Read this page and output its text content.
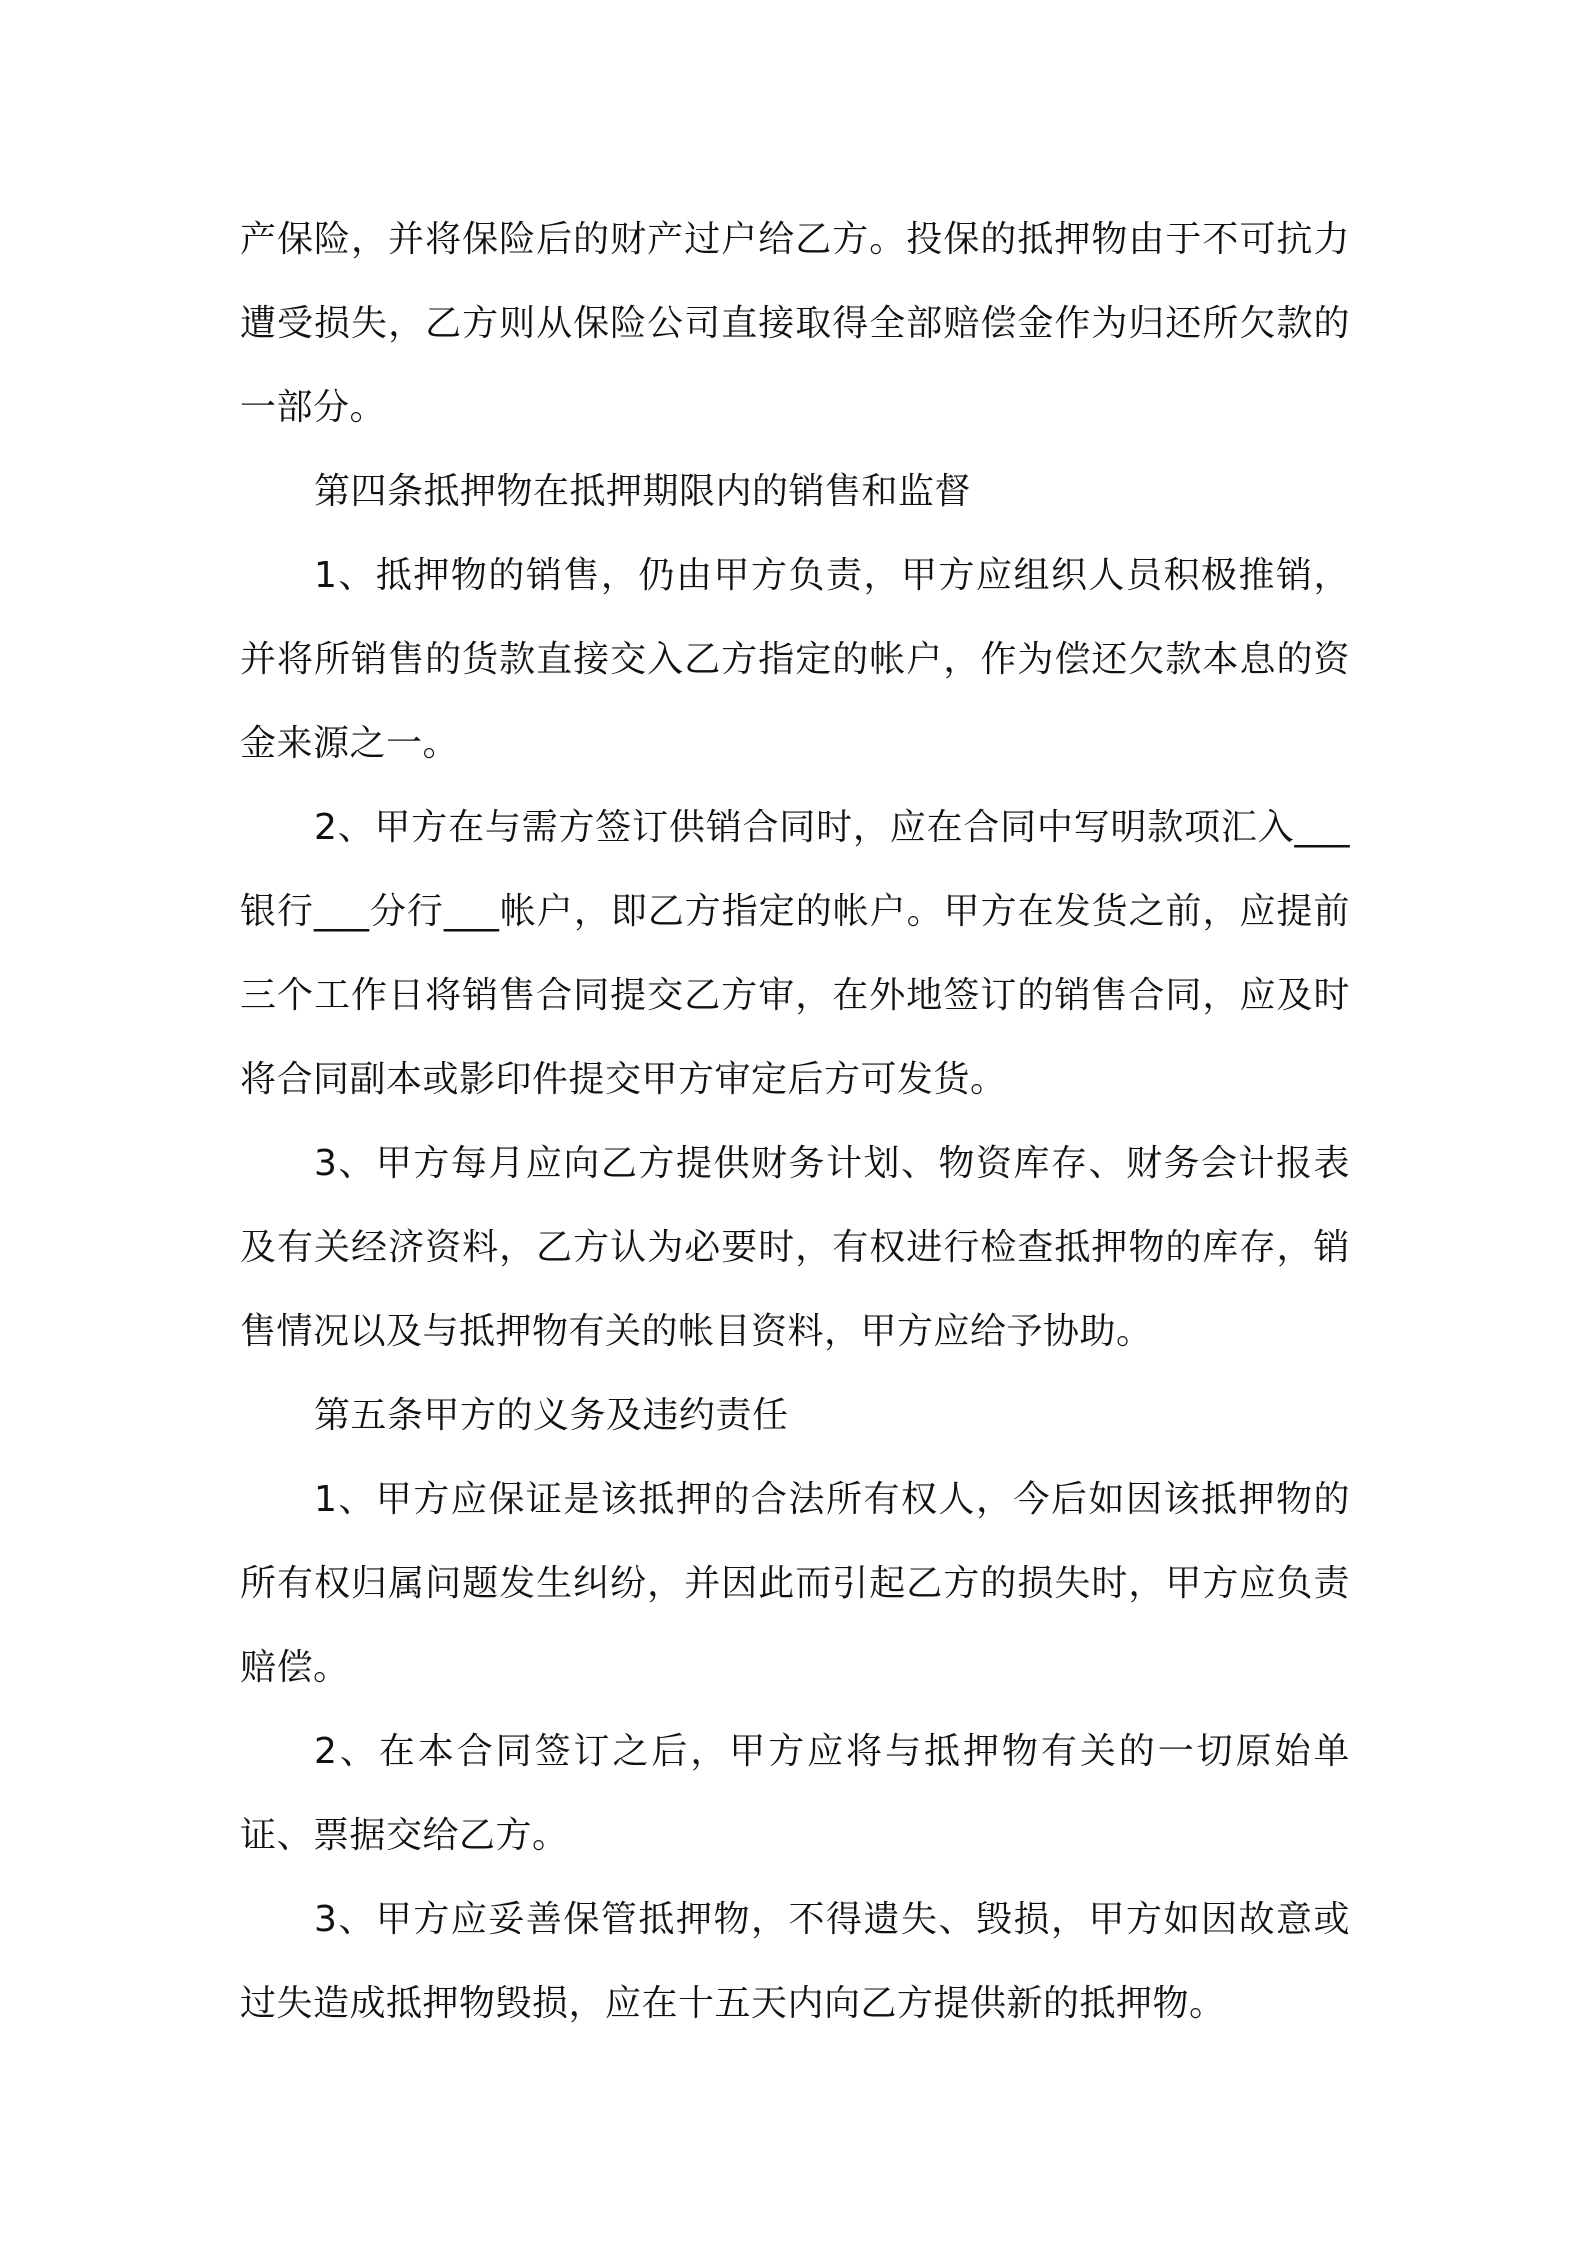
产保险，并将保险后的财产过户给乙方。投保的抵押物由于不可抗力遭受损失，乙方则从保险公司直接取得全部赔偿金作为归还所欠款的一部分。

第四条抵押物在抵押期限内的销售和监督

1、抵押物的销售，仍由甲方负责，甲方应组织人员积极推销，并将所销售的货款直接交入乙方指定的帐户，作为偿还欠款本息的资金来源之一。

2、甲方在与需方签订供销合同时，应在合同中写明款项汇入___银行___分行___帐户，即乙方指定的帐户。甲方在发货之前，应提前三个工作日将销售合同提交乙方审，在外地签订的销售合同，应及时将合同副本或影印件提交甲方审定后方可发货。

3、甲方每月应向乙方提供财务计划、物资库存、财务会计报表及有关经济资料，乙方认为必要时，有权进行检查抵押物的库存，销售情况以及与抵押物有关的帐目资料，甲方应给予协助。

第五条甲方的义务及违约责任

1、甲方应保证是该抵押的合法所有权人，今后如因该抵押物的所有权归属问题发生纠纷，并因此而引起乙方的损失时，甲方应负责赔偿。

2、在本合同签订之后，甲方应将与抵押物有关的一切原始单证、票据交给乙方。

3、甲方应妥善保管抵押物，不得遗失、毁损，甲方如因故意或过失造成抵押物毁损，应在十五天内向乙方提供新的抵押物。
